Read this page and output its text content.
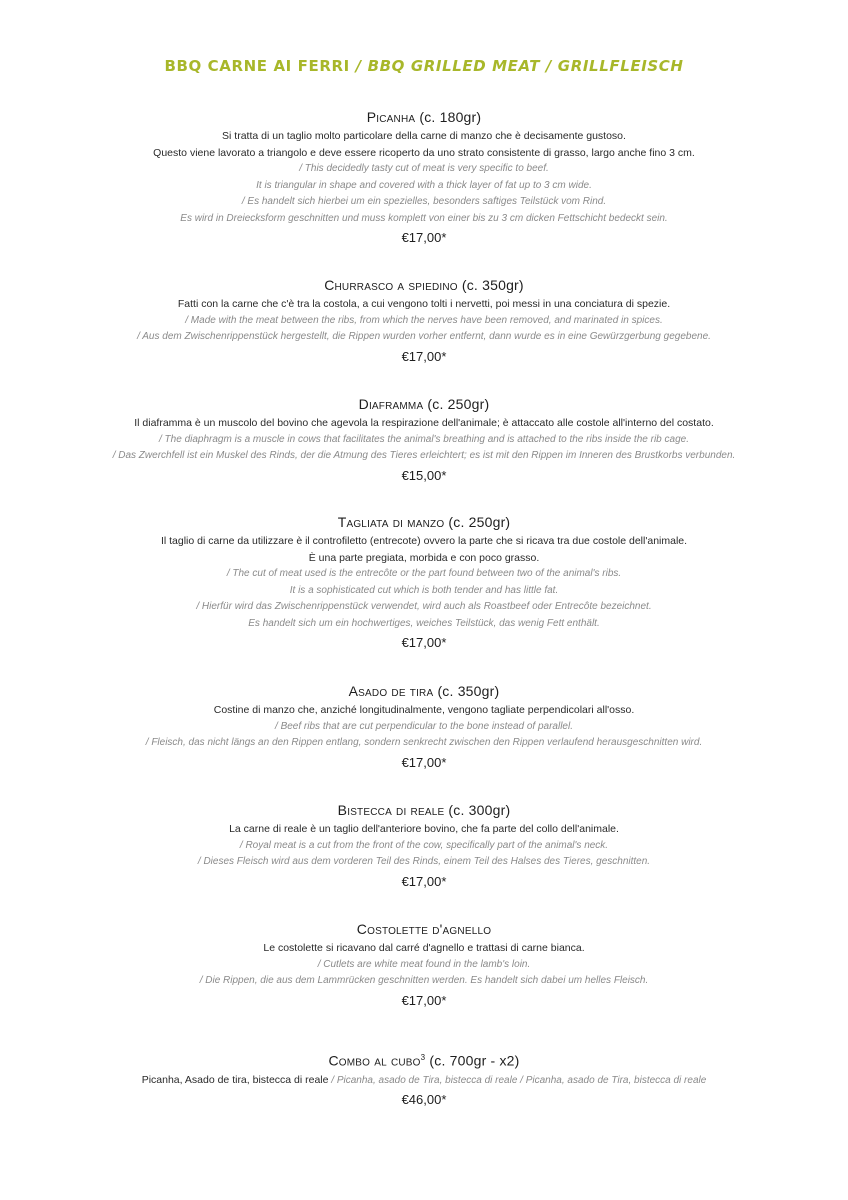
BBQ CARNE AI FERRI / BBQ GRILLED MEAT / GRILLFLEISCH
Picanha (c. 180gr)
Si tratta di un taglio molto particolare della carne di manzo che è decisamente gustoso.
Questo viene lavorato a triangolo e deve essere ricoperto da uno strato consistente di grasso, largo anche fino 3 cm.
/ This decidedly tasty cut of meat is very specific to beef.
It is triangular in shape and covered with a thick layer of fat up to 3 cm wide.
/ Es handelt sich hierbei um ein spezielles, besonders saftiges Teilstück vom Rind.
Es wird in Dreiecksform geschnitten und muss komplett von einer bis zu 3 cm dicken Fettschicht bedeckt sein.
€17,00*
Churrasco a spiedino (c. 350gr)
Fatti con la carne che c'è tra la costola, a cui vengono tolti i nervetti, poi messi in una conciatura di spezie.
/ Made with the meat between the ribs, from which the nerves have been removed, and marinated in spices.
/ Aus dem Zwischenrippenstück hergestellt, die Rippen wurden vorher entfernt, dann wurde es in eine Gewürzgerbung gegebene.
€17,00*
Diaframma (c. 250gr)
Il diaframma è un muscolo del bovino che agevola la respirazione dell'animale; è attaccato alle costole all'interno del costato.
/ The diaphragm is a muscle in cows that facilitates the animal's breathing and is attached to the ribs inside the rib cage.
/ Das Zwerchfell ist ein Muskel des Rinds, der die Atmung des Tieres erleichtert; es ist mit den Rippen im Inneren des Brustkorbs verbunden.
€15,00*
Tagliata di manzo (c. 250gr)
Il taglio di carne da utilizzare è il controfiletto (entrecote) ovvero la parte che si ricava tra due costole dell'animale.
È una parte pregiata, morbida e con poco grasso.
/ The cut of meat used is the entrecôte or the part found between two of the animal's ribs.
It is a sophisticated cut which is both tender and has little fat.
/ Hierfür wird das Zwischenrippenstück verwendet, wird auch als Roastbeef oder Entrecôte bezeichnet.
Es handelt sich um ein hochwertiges, weiches Teilstück, das wenig Fett enthält.
€17,00*
Asado de tira (c. 350gr)
Costine di manzo che, anziché longitudinalmente, vengono tagliate perpendicolari all'osso.
/ Beef ribs that are cut perpendicular to the bone instead of parallel.
/ Fleisch, das nicht längs an den Rippen entlang, sondern senkrecht zwischen den Rippen verlaufend herausgeschnitten wird.
€17,00*
Bistecca di reale (c. 300gr)
La carne di reale è un taglio dell'anteriore bovino, che fa parte del collo dell'animale.
/ Royal meat is a cut from the front of the cow, specifically part of the animal's neck.
/ Dieses Fleisch wird aus dem vorderen Teil des Rinds, einem Teil des Halses des Tieres, geschnitten.
€17,00*
Costolette d'agnello
Le costolette si ricavano dal carré d'agnello e trattasi di carne bianca.
/ Cutlets are white meat found in the lamb's loin.
/ Die Rippen, die aus dem Lammrücken geschnitten werden. Es handelt sich dabei um helles Fleisch.
€17,00*
Combo al cubo$^3$ (c. 700gr - x2)
Picanha, Asado de tira, bistecca di reale / Picanha, asado de Tira, bistecca di reale / Picanha, asado de Tira, bistecca di reale
€46,00*
